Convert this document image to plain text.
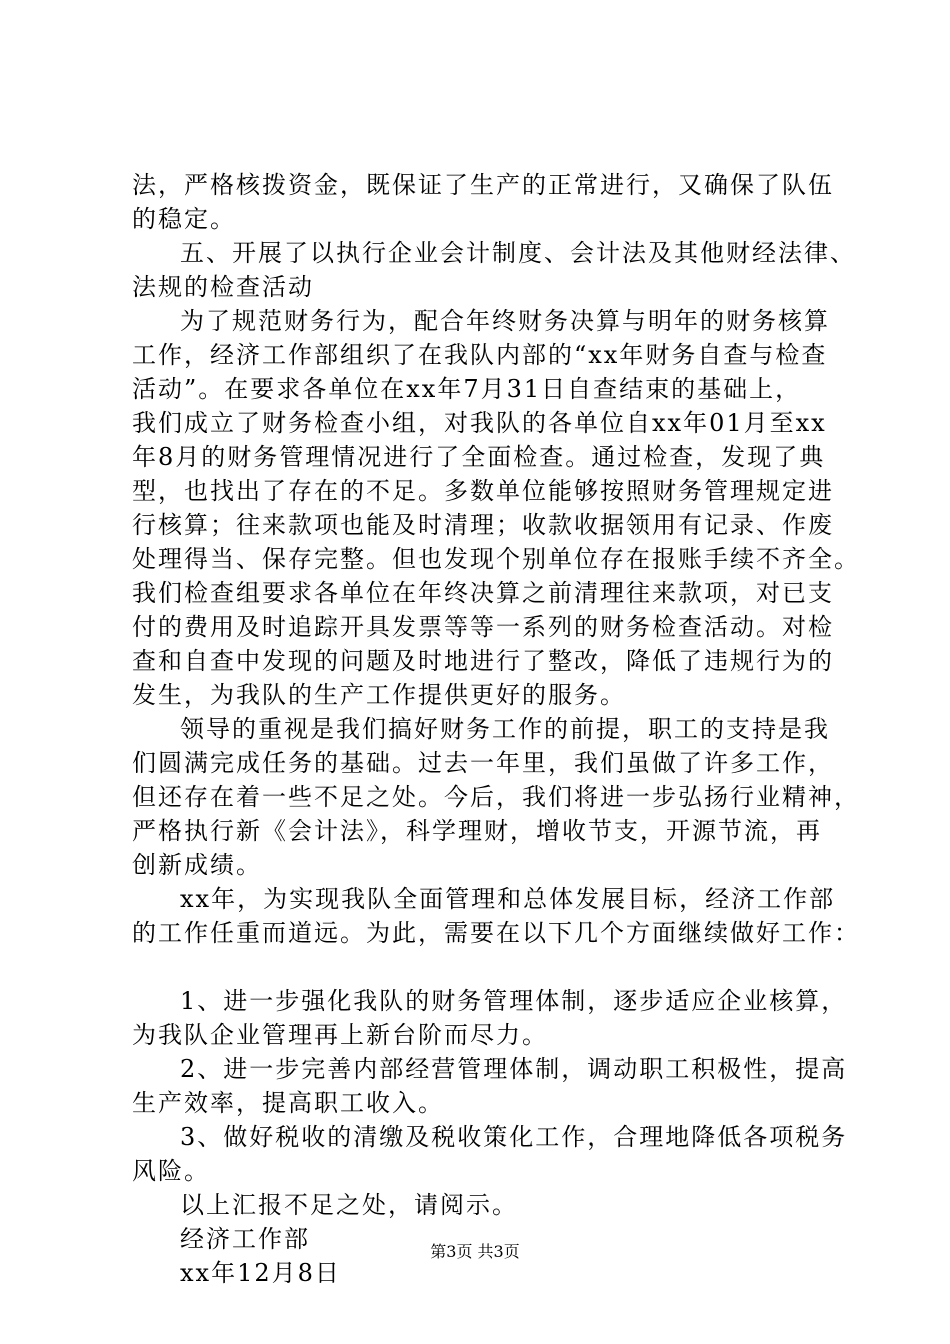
法，严格核拨资金，既保证了生产的正常进行，又确保了队伍
的稳定。
五、开展了以执行企业会计制度、会计法及其他财经法律、
法规的检查活动
为了规范财务行为，配合年终财务决算与明年的财务核算
工作，经济工作部组织了在我队内部的“xx年财务自查与检查
活动”。在要求各单位在xx年7月31日自查结束的基础上，
我们成立了财务检查小组，对我队的各单位自xx年01月至xx
年8月的财务管理情况进行了全面检查。通过检查，发现了典
型，也找出了存在的不足。多数单位能够按照财务管理规定进
行核算；往来款项也能及时清理；收款收据领用有记录、作废
处理得当、保存完整。但也发现个别单位存在报账手续不齐全。
我们检查组要求各单位在年终决算之前清理往来款项，对已支
付的费用及时追踪开具发票等等一系列的财务检查活动。对检
查和自查中发现的问题及时地进行了整改，降低了违规行为的
发生，为我队的生产工作提供更好的服务。
领导的重视是我们搞好财务工作的前提，职工的支持是我
们圆满完成任务的基础。过去一年里，我们虽做了许多工作，
但还存在着一些不足之处。今后，我们将进一步弘扬行业精神，
严格执行新《会计法》，科学理财，增收节支，开源节流，再
创新成绩。
xx年，为实现我队全面管理和总体发展目标，经济工作部
的工作任重而道远。为此，需要在以下几个方面继续做好工作：
1、进一步强化我队的财务管理体制，逐步适应企业核算，
为我队企业管理再上新台阶而尽力。
2、进一步完善内部经营管理体制，调动职工积极性，提高
生产效率，提高职工收入。
3、做好税收的清缴及税收策化工作，合理地降低各项税务
风险。
以上汇报不足之处，请阅示。
经济工作部
xx年12月8日
第3页 共3页
